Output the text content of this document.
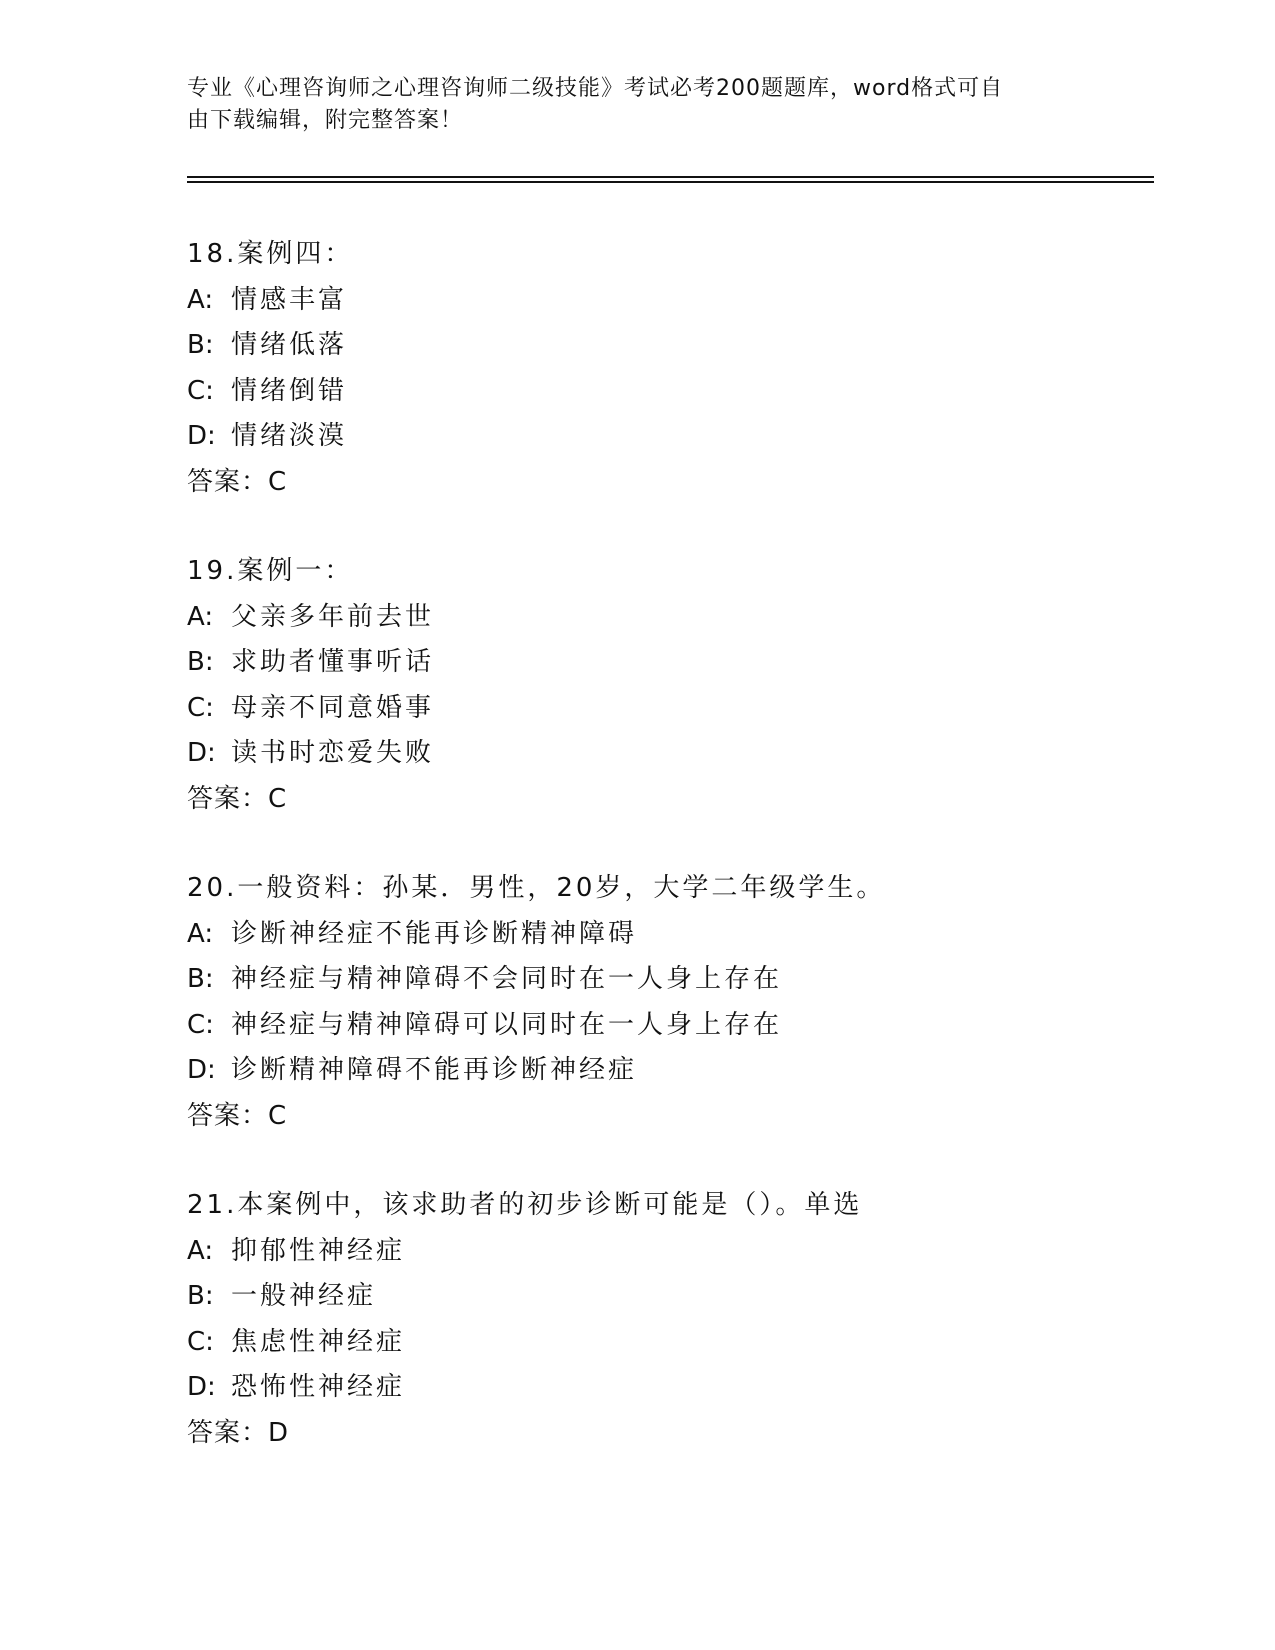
专业《心理咨询师之心理咨询师二级技能》考试必考200题题库，word格式可自
由下载编辑，附完整答案！
18.案例四：
A: 情感丰富
B: 情绪低落
C: 情绪倒错
D: 情绪淡漠
答案：C
19.案例一：
A: 父亲多年前去世
B: 求助者懂事听话
C: 母亲不同意婚事
D: 读书时恋爱失败
答案：C
20.一般资料：孙某．男性，20岁，大学二年级学生。
A: 诊断神经症不能再诊断精神障碍
B: 神经症与精神障碍不会同时在一人身上存在
C: 神经症与精神障碍可以同时在一人身上存在
D: 诊断精神障碍不能再诊断神经症
答案：C
21.本案例中，该求助者的初步诊断可能是（）。单选
A: 抑郁性神经症
B: 一般神经症
C: 焦虑性神经症
D: 恐怖性神经症
答案：D
